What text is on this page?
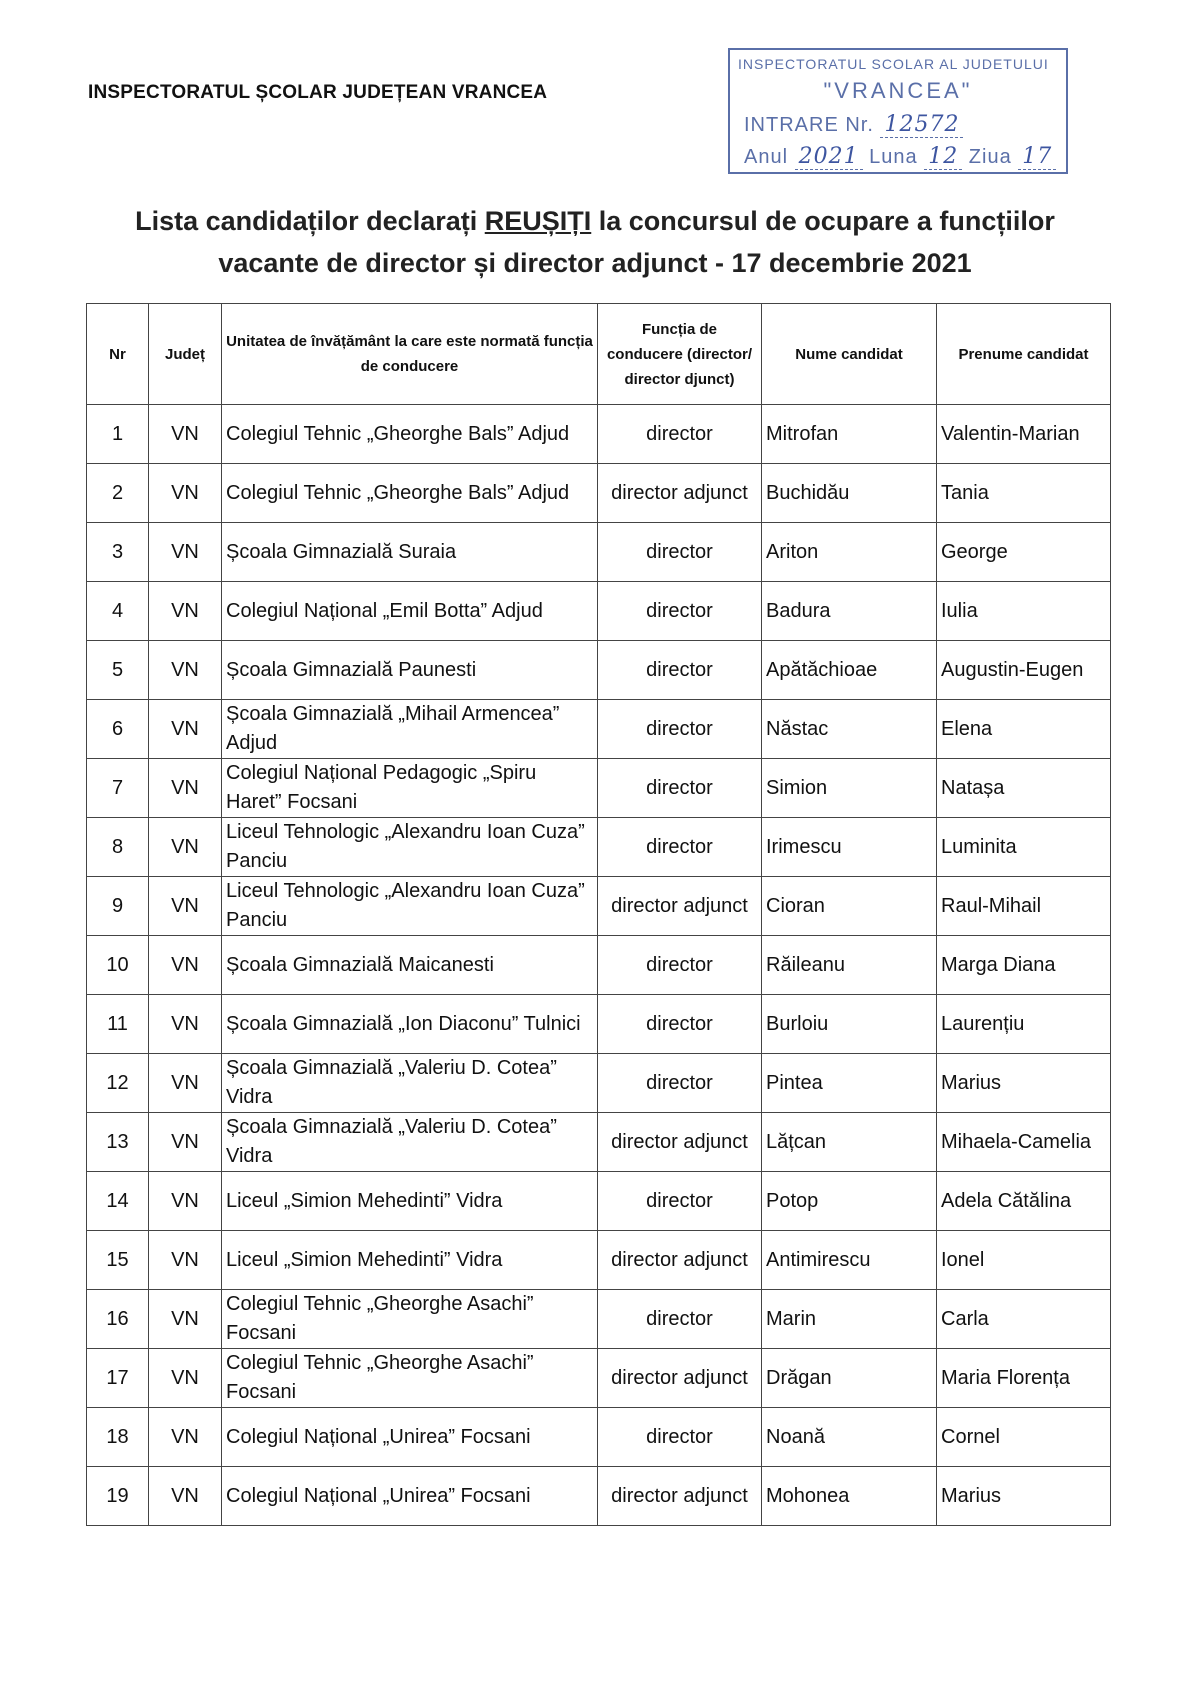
INSPECTORATUL ȘCOLAR JUDEȚEAN VRANCEA
INSPECTORATUL SCOLAR AL JUDETULUI
"VRANCEA"
INTRARE Nr. 12572
Anul 2021 Luna 12 Ziua 17
Lista candidaților declarați REUȘIȚI la concursul de ocupare a funcțiilor
vacante de director și director adjunct - 17 decembrie 2021
Nr	Județ	Unitatea de învățământ la care este normată funcția de conducere	Funcția de conducere (director/ director djunct)	Nume candidat	Prenume candidat
1	VN	Colegiul Tehnic „Gheorghe Bals” Adjud	director	Mitrofan	Valentin-Marian
2	VN	Colegiul Tehnic „Gheorghe Bals” Adjud	director adjunct	Buchidău	Tania
3	VN	Școala Gimnazială Suraia	director	Ariton	George
4	VN	Colegiul Național „Emil Botta” Adjud	director	Badura	Iulia
5	VN	Școala Gimnazială Paunesti	director	Apătăchioae	Augustin-Eugen
6	VN	Școala Gimnazială „Mihail Armencea” Adjud	director	Năstac	Elena
7	VN	Colegiul Național Pedagogic „Spiru Haret” Focsani	director	Simion	Natașa
8	VN	Liceul Tehnologic „Alexandru Ioan Cuza” Panciu	director	Irimescu	Luminita
9	VN	Liceul Tehnologic „Alexandru Ioan Cuza” Panciu	director adjunct	Cioran	Raul-Mihail
10	VN	Școala Gimnazială Maicanesti	director	Răileanu	Marga Diana
11	VN	Școala Gimnazială „Ion Diaconu” Tulnici	director	Burloiu	Laurențiu
12	VN	Școala Gimnazială „Valeriu D. Cotea” Vidra	director	Pintea	Marius
13	VN	Școala Gimnazială „Valeriu D. Cotea” Vidra	director adjunct	Lățcan	Mihaela-Camelia
14	VN	Liceul „Simion Mehedinti” Vidra	director	Potop	Adela Cătălina
15	VN	Liceul „Simion Mehedinti” Vidra	director adjunct	Antimirescu	Ionel
16	VN	Colegiul Tehnic „Gheorghe Asachi” Focsani	director	Marin	Carla
17	VN	Colegiul Tehnic „Gheorghe Asachi” Focsani	director adjunct	Drăgan	Maria Florența
18	VN	Colegiul Național „Unirea” Focsani	director	Noană	Cornel
19	VN	Colegiul Național „Unirea” Focsani	director adjunct	Mohonea	Marius
